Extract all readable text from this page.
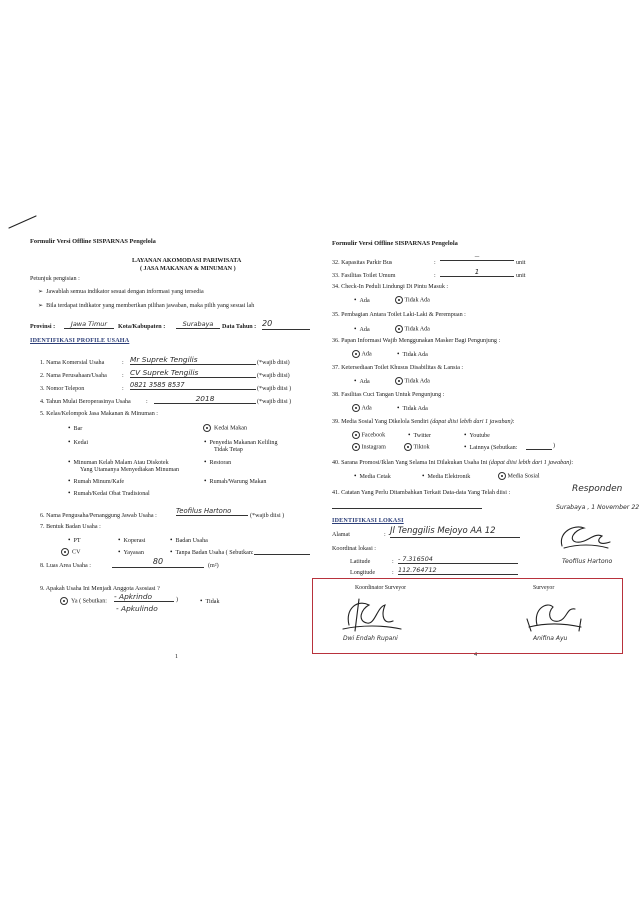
Formulir Versi Offline SISPARNAS Pengelola
LAYANAN AKOMODASI PARIWISATA
( JASA MAKANAN & MINUMAN )
Petunjuk pengisian :
➢  Jawablah semua indikator sesuai dengan informasi yang tersedia
➢  Bila terdapat indikator yang memberikan pilihan jawaban, maka pilih yang sesuai lah
Provinsi :	Jawa Timur	Kota/Kabupaten :	Surabaya	Data Tahun : 20
IDENTIFIKASI PROFILE USAHA
1. Nama Komersial Usaha	: Mr Suprek Tengilis	(*wajib diisi)
2. Nama Perusahaan/Usaha : CV Suprek Tengilis	(*wajib diisi)
3. Nomor Telepon	: 0821 3585 8537	(*wajib diisi )
4. Tahun Mulai Beroperasinya Usaha	:	2018	(*wajib diisi )
5. Kelas/Kelompok Jasa Makanan & Minuman :
• Bar
• Kedai
• Minuman Kelab Malam Atau Diskotek
Yang Utamanya Menyediakan Minuman
• Rumah Minum/Kafe
• Rumah/Kedai Obat Tradisional
Kedai Makan
• Penyedia Makanan Keliling
Tidak Tetap
• Restoran
• Rumah/Warung Makan
6. Nama Pengusaha/Penanggung Jawab Usaha :
Teofilus Hartono
(*wajib diisi )
7. Bentuk Badan Usaha :
• PT	• Koperasi	• Badan Usaha
CV	• Yayasan	• Tanpa Badan Usaha ( Sebutkan:
8. Luas Area Usaha :	80	(m²)
9. Apakah Usaha Ini Menjadi Anggota Asosiasi ?
Ya ( Sebutkan:
- Apkrindo	)
- Apkulindo
• Tidak
1
Formulir Versi Offline SISPARNAS Pengelola
32. Kapasitas Parkir Bus	:
—
unit
33. Fasilitas Toilet Umum	:	1	unit
34. Check-In Peduli Lindungi Di Pintu Masuk :
• Ada	Tidak Ada
35. Pembagian Antara Toilet Laki-Laki & Perempuan :
• Ada	Tidak Ada
36. Papan Informasi Wajib Menggunakan Masker Bagi Pengunjung :
Ada	• Tidak Ada
37. Ketersediaan Toilet Khusus Disabilitas & Lansia :
• Ada	Tidak Ada
38. Fasilitas Cuci Tangan Untuk Pengunjung :
Ada	• Tidak Ada
39. Media Sosial Yang Dikelola Sendiri (dapat diisi lebih dari 1 jawaban):
Facebook	• Twitter	• Youtube
Instagram	Tiktok	• Lainnya (Sebutkan:	)
40. Sarana Promosi/Iklan Yang Selama Ini Dilakukan Usaha Ini (dapat diisi lebih dari 1 jawaban):
• Media Cetak	• Media Elektronik	Media Sosial
41. Catatan Yang Perlu Ditambahkan Terkait Data-data Yang Telah diisi :	Responden
Surabaya , 1 November 22
Teofilus Hartono
IDENTIFIKASI LOKASI
Alamat	: Jl Tenggilis Mejoyo AA 12
Koordinat lokasi :
Latitude	: - 7.316504
Longitude	: 112.764712
4
Koordinator Surveyor	Surveyor
Dwi Endah Rupani	Anifina Ayu
